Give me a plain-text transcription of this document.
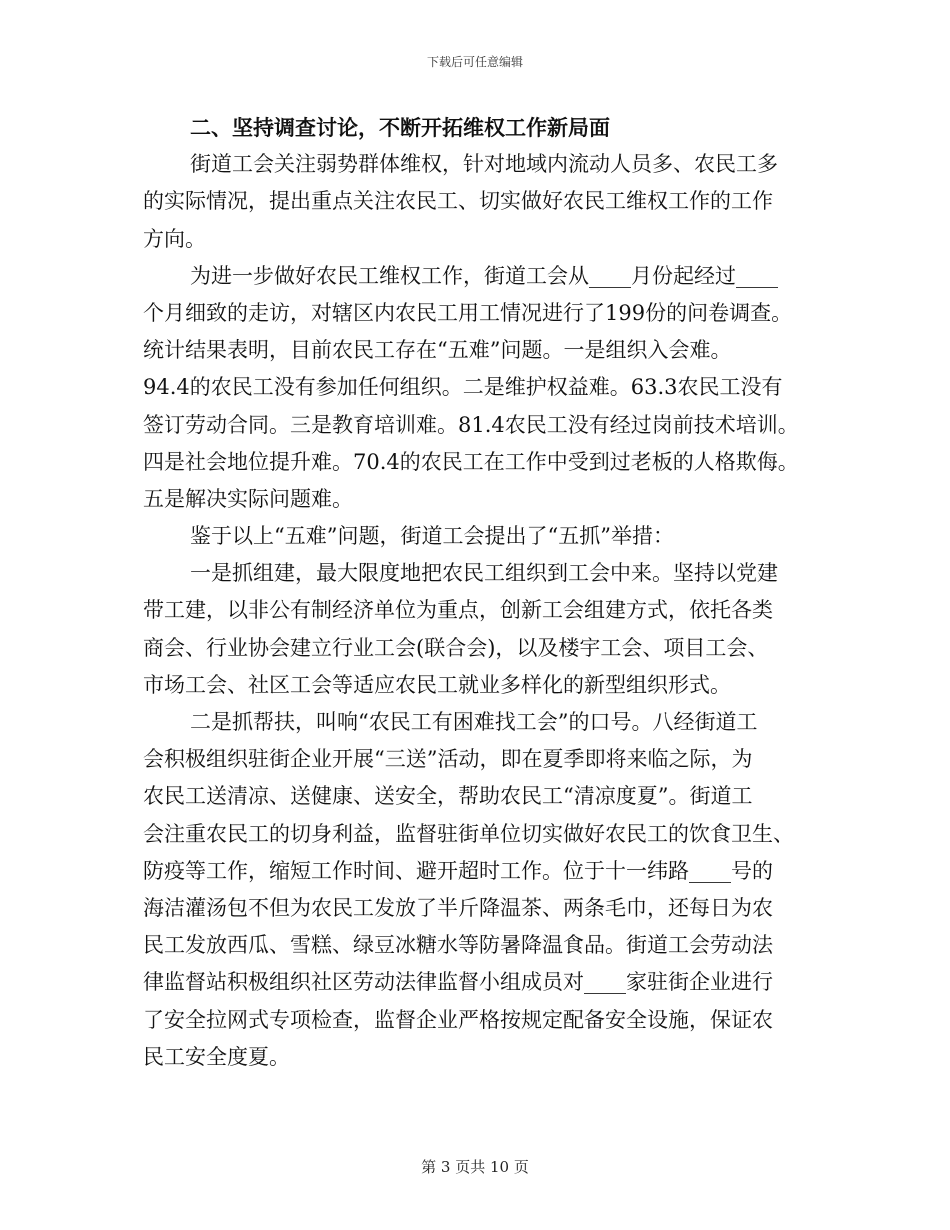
下载后可任意编辑
二、坚持调查讨论，不断开拓维权工作新局面
街道工会关注弱势群体维权，针对地域内流动人员多、农民工多
的实际情况，提出重点关注农民工、切实做好农民工维权工作的工作
方向。
为进一步做好农民工维权工作，街道工会从____月份起经过____
个月细致的走访，对辖区内农民工用工情况进行了199份的问卷调查。
统计结果表明，目前农民工存在“五难”问题。一是组织入会难。
94.4的农民工没有参加任何组织。二是维护权益难。63.3农民工没有
签订劳动合同。三是教育培训难。81.4农民工没有经过岗前技术培训。
四是社会地位提升难。70.4的农民工在工作中受到过老板的人格欺侮。
五是解决实际问题难。
鉴于以上“五难”问题，街道工会提出了“五抓”举措：
一是抓组建，最大限度地把农民工组织到工会中来。坚持以党建
带工建，以非公有制经济单位为重点，创新工会组建方式，依托各类
商会、行业协会建立行业工会(联合会)，以及楼宇工会、项目工会、
市场工会、社区工会等适应农民工就业多样化的新型组织形式。
二是抓帮扶，叫响“农民工有困难找工会”的口号。八经街道工
会积极组织驻街企业开展“三送”活动，即在夏季即将来临之际，为
农民工送清凉、送健康、送安全，帮助农民工“清凉度夏”。街道工
会注重农民工的切身利益，监督驻街单位切实做好农民工的饮食卫生、
防疫等工作，缩短工作时间、避开超时工作。位于十一纬路____号的
海洁灌汤包不但为农民工发放了半斤降温茶、两条毛巾，还每日为农
民工发放西瓜、雪糕、绿豆冰糖水等防暑降温食品。街道工会劳动法
律监督站积极组织社区劳动法律监督小组成员对____家驻街企业进行
了安全拉网式专项检查，监督企业严格按规定配备安全设施，保证农
民工安全度夏。
第 3 页共 10 页
